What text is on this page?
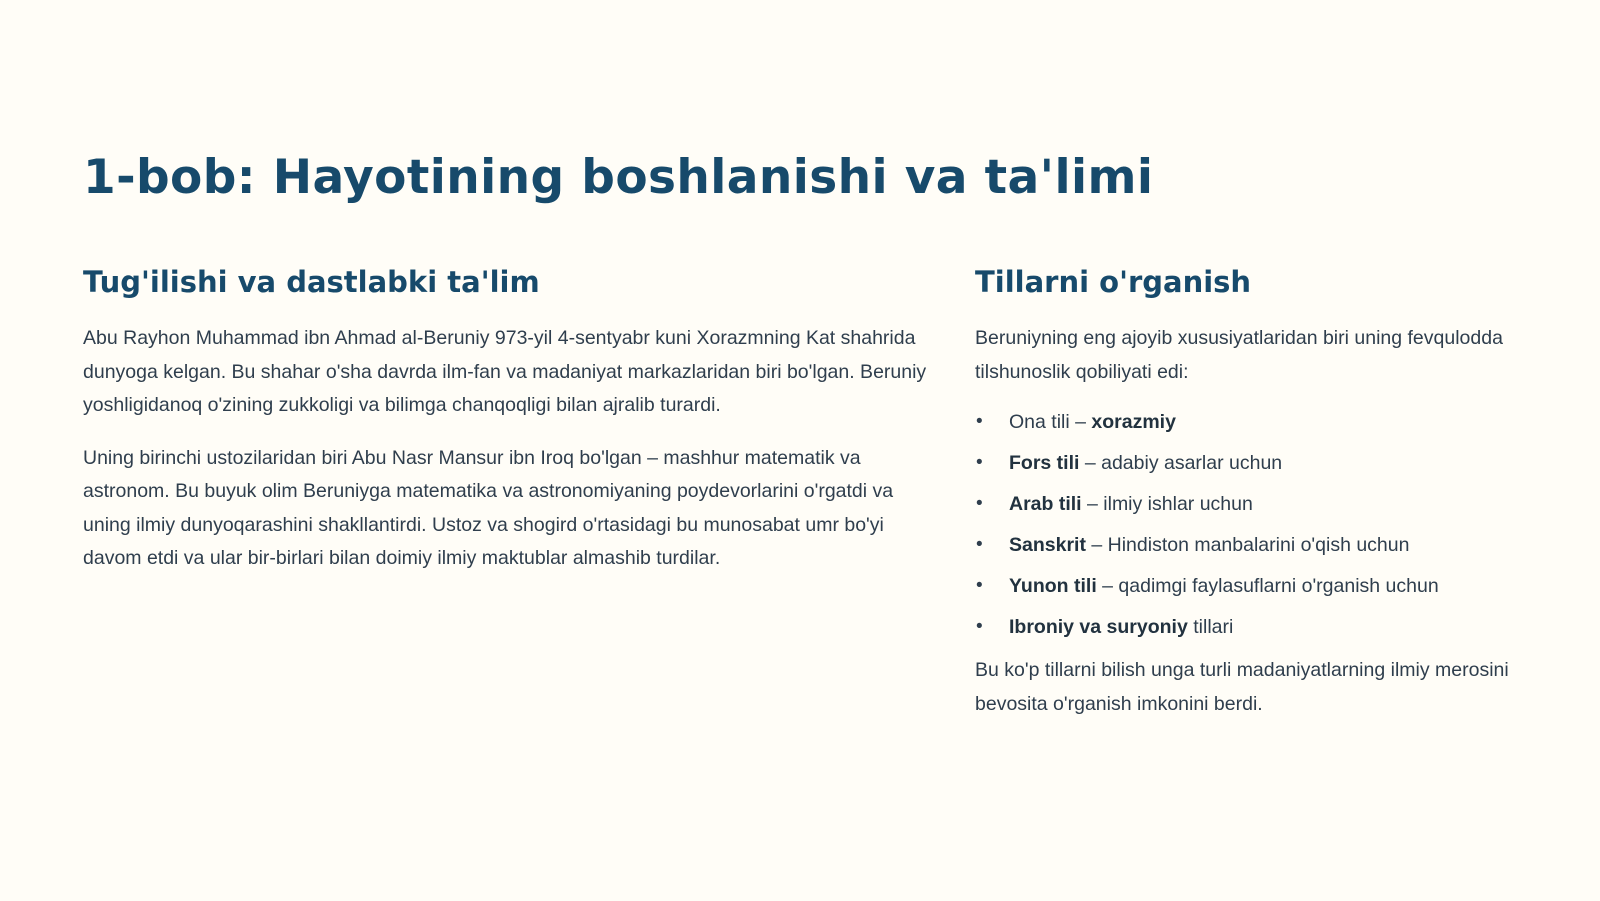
1-bob: Hayotining boshlanishi va ta'limi
Tug'ilishi va dastlabki ta'lim

Abu Rayhon Muhammad ibn Ahmad al-Beruniy 973-yil 4-sentyabr kuni Xorazmning Kat shahrida dunyoga kelgan. Bu shahar o'sha davrda ilm-fan va madaniyat markazlaridan biri bo'lgan. Beruniy yoshligidanoq o'zining zukkoligi va bilimga chanqoqligi bilan ajralib turardi.

Uning birinchi ustozilaridan biri Abu Nasr Mansur ibn Iroq bo'lgan – mashhur matematik va astronom. Bu buyuk olim Beruniyga matematika va astronomiyaning poydevorlarini o'rgatdi va uning ilmiy dunyoqarashini shakllantirdi. Ustoz va shogird o'rtasidagi bu munosabat umr bo'yi davom etdi va ular bir-birlari bilan doimiy ilmiy maktublar almashib turdilar.

Tillarni o'rganish

Beruniyning eng ajoyib xususiyatlaridan biri uning fevqulodda tilshunoslik qobiliyati edi:

• Ona tili – xorazmiy
• Fors tili – adabiy asarlar uchun
• Arab tili – ilmiy ishlar uchun
• Sanskrit – Hindiston manbalarini o'qish uchun
• Yunon tili – qadimgi faylasuflarni o'rganish uchun
• Ibroniy va suryoniy tillari

Bu ko'p tillarni bilish unga turli madaniyatlarning ilmiy merosini bevosita o'rganish imkonini berdi.
